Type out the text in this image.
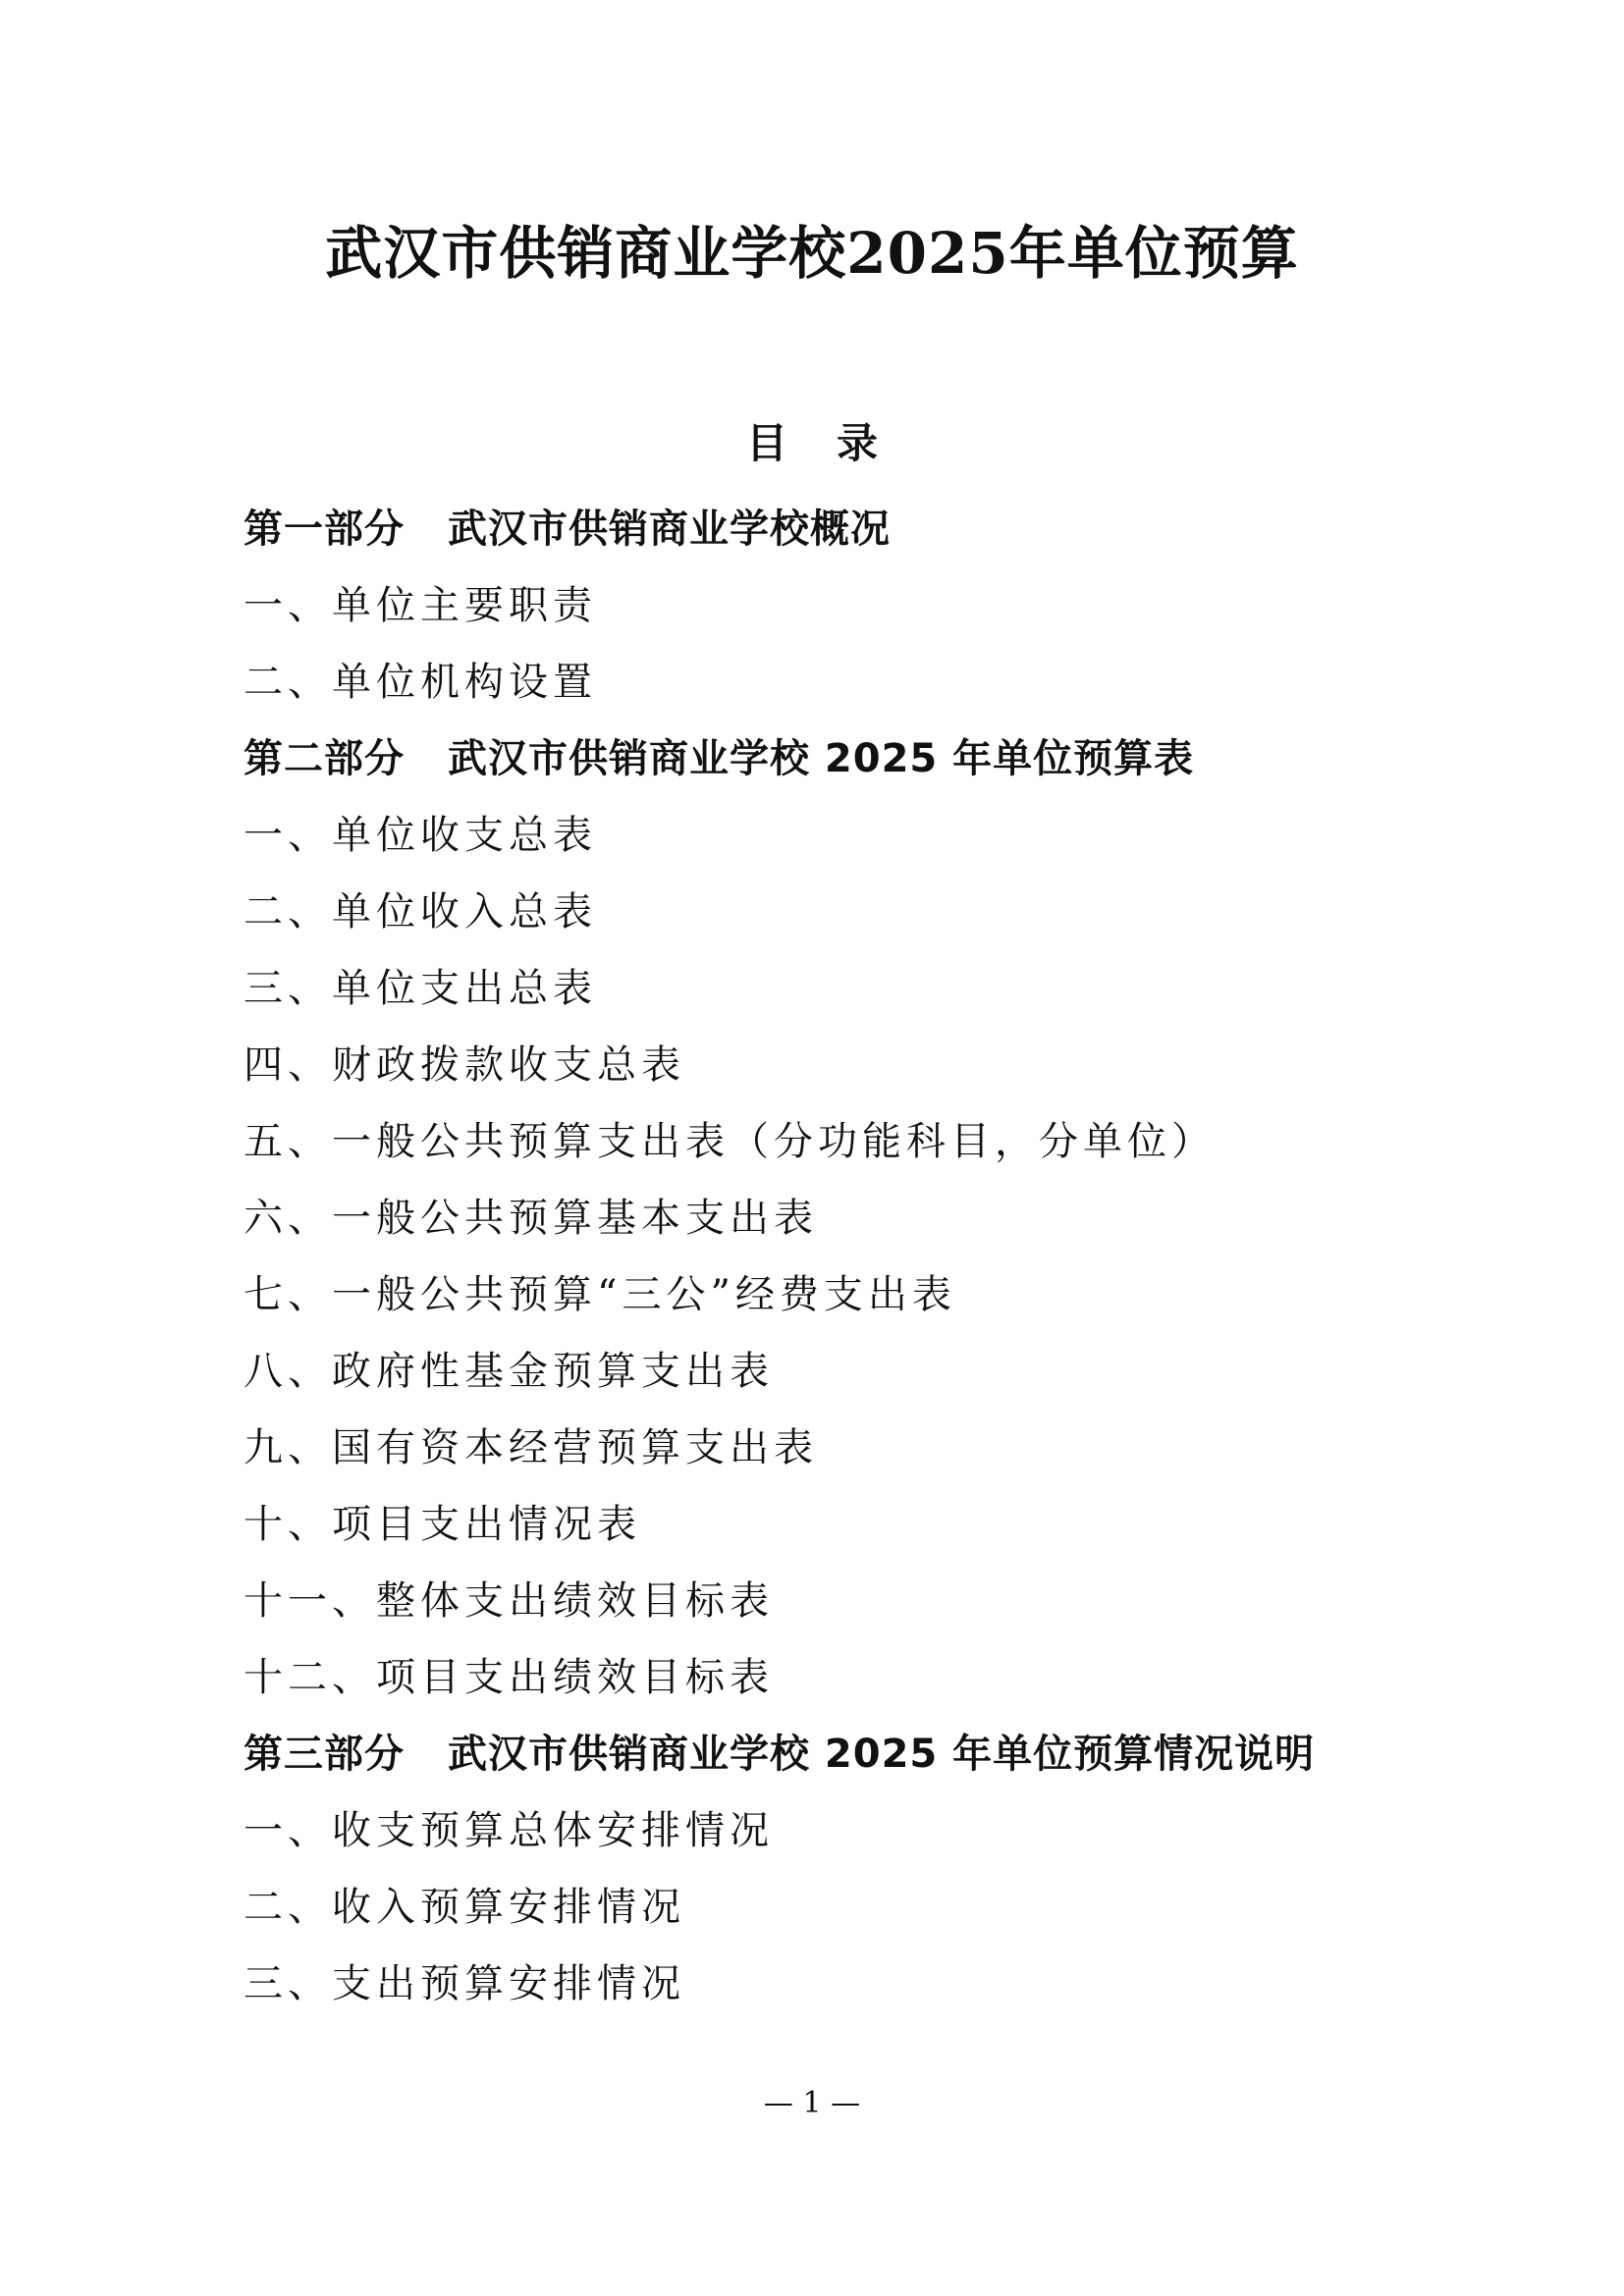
武汉市供销商业学校2025年单位预算
目录
第一部分 武汉市供销商业学校概况
一、单位主要职责
二、单位机构设置
第二部分 武汉市供销商业学校 2025 年单位预算表
一、单位收支总表
二、单位收入总表
三、单位支出总表
四、财政拨款收支总表
五、一般公共预算支出表（分功能科目，分单位）
六、一般公共预算基本支出表
七、一般公共预算“三公”经费支出表
八、政府性基金预算支出表
九、国有资本经营预算支出表
十、项目支出情况表
十一、整体支出绩效目标表
十二、项目支出绩效目标表
第三部分 武汉市供销商业学校 2025 年单位预算情况说明
一、收支预算总体安排情况
二、收入预算安排情况
三、支出预算安排情况
— 1 —
